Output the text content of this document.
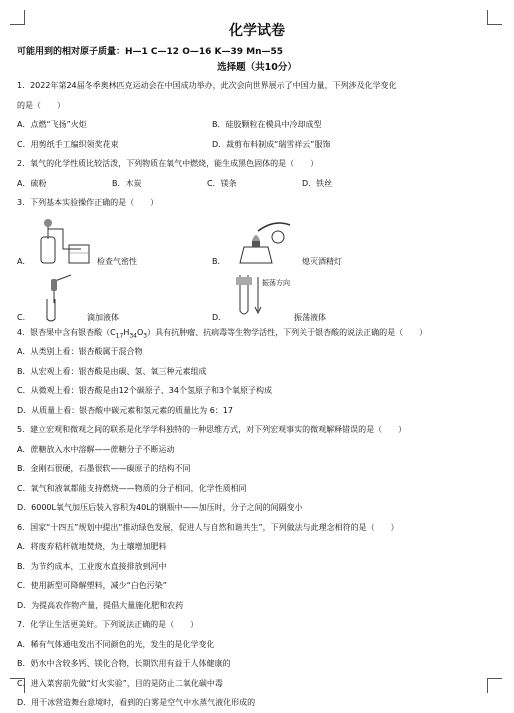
化学试卷
可能用到的相对原子质量：H—1 C—12 O—16 K—39 Mn—55
选择题（共10分）
1．2022年第24届冬季奥林匹克运动会在中国成功举办，此次会向世界展示了中国力量，下列涉及化学变化
的是（　　）
A．点燃“飞扬”火炬	B．硅胶颗粒在模具中冷却成型
C．用剪纸手工编织领奖花束	D．裁剪布料制成“瑞雪祥云”服饰
2．氧气的化学性质比较活泼，下列物质在氧气中燃烧，能生成黑色固体的是（　　）
A．硫粉	B．木炭	C．镁条	D．铁丝
3．下列基本实验操作正确的是（　　）
A．	检查气密性	B．	熄灭酒精灯
C．	滴加液体	D．
振荡方向
振荡液体
4．银杏果中含有银杏酸$(C_{17}H_{34}O_3)$具有抗肿瘤、抗病毒等生物学活性，下列关于银杏酸的说法正确的是（　　）
A．从类别上看：银杏酸属于混合物
B．从宏观上看：银杏酸是由碳、氢、氧三种元素组成
C．从微观上看：银杏酸是由12个碳原子、34个氢原子和3个氧原子构成
D．从质量上看：银杏酸中碳元素和氢元素的质量比为 6：17
5．建立宏观和微观之间的联系是化学学科独特的一种思维方式，对下列宏观事实的微观解释错误的是（　　）
A．蔗糖放入水中溶解——蔗糖分子不断运动
B．金刚石很硬，石墨很软——碳原子的结构不同
C．氧气和液氧都能支持燃烧——物质的分子相同，化学性质相同
D．6000L氧气加压后装入容积为40L的钢瓶中——加压时，分子之间的间隔变小
6．国家“十四五”规划中提出“推动绿色发展，促进人与自然和谐共生”，下列做法与此理念相符的是（　　）
A．将废弃秸秆就地焚烧，为土壤增加肥料
B．为节约成本，工业废水直接排放到河中
C．使用新型可降解塑料，减少“白色污染”
D．为提高农作物产量，提倡大量施化肥和农药
7．化学让生活更美好。下列说法正确的是（　　）
A．稀有气体通电发出不同颜色的光，发生的是化学变化
B．奶水中含较多钙、镁化合物，长期饮用有益于人体健康的
C．进入菜窖前先做“灯火实验”，目的是防止二氧化碳中毒
D．用干冰营造舞台意境时，看到的白雾是空气中水蒸气液化形成的
